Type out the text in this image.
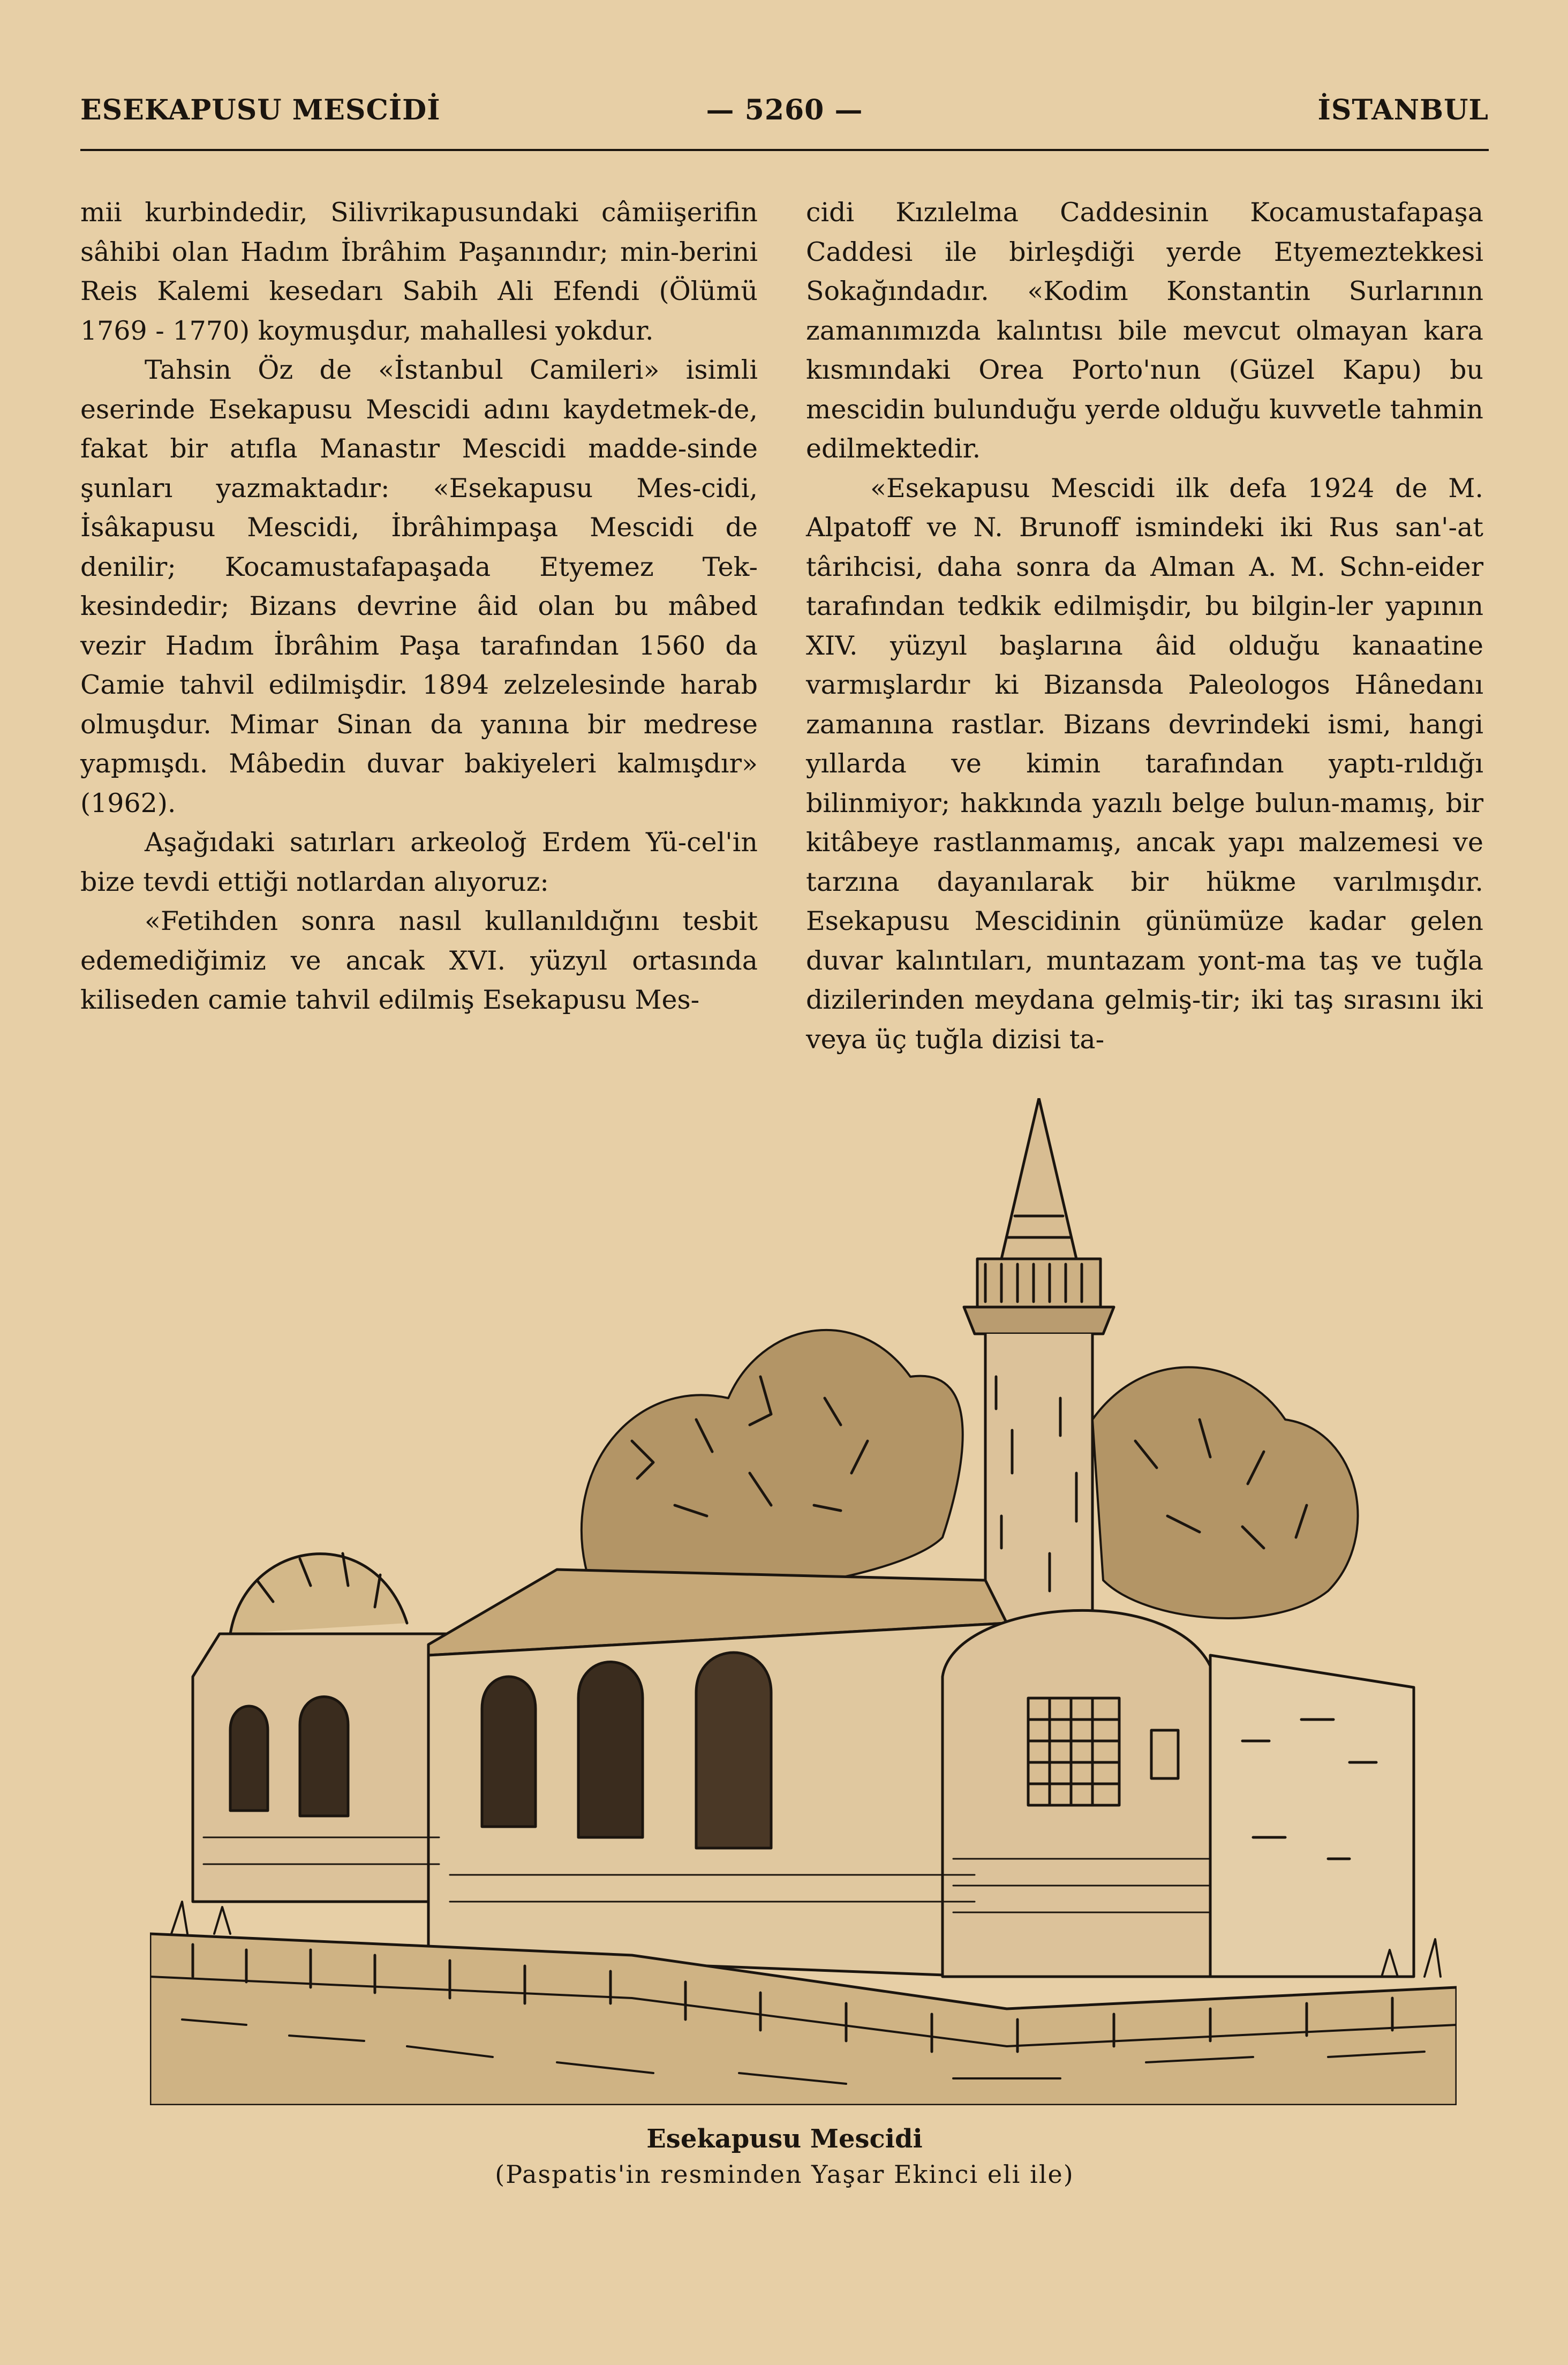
ESEKAPUSU MESCİDİ	— 5260 —	İSTANBUL

mii kurbindedir, Silivrikapusundaki câmiişerifin sâhibi olan Hadım İbrâhim Paşanındır; min-berini Reis Kalemi kesedarı Sabih Ali Efendi (Ölümü 1769 - 1770) koymuşdur, mahallesi yokdur.

Tahsin Öz de «İstanbul Camileri» isimli eserinde Esekapusu Mescidi adını kaydetmek-de, fakat bir atıfla Manastır Mescidi madde-sinde şunları yazmaktadır: «Esekapusu Mes-cidi, İsâkapusu Mescidi, İbrâhimpaşa Mescidi de denilir; Kocamustafapaşada Etyemez Tek-kesindedir; Bizans devrine âid olan bu mâbed vezir Hadım İbrâhim Paşa tarafından 1560 da Camie tahvil edilmişdir. 1894 zelzelesinde harab olmuşdur. Mimar Sinan da yanına bir medrese yapmışdı. Mâbedin duvar bakiyeleri kalmışdır» (1962).

Aşağıdaki satırları arkeoloğ Erdem Yü-cel'in bize tevdi ettiği notlardan alıyoruz:

«Fetihden sonra nasıl kullanıldığını tesbit edemediğimiz ve ancak XVI. yüzyıl ortasında kiliseden camie tahvil edilmiş Esekapusu Mes-

cidi Kızılelma Caddesinin Kocamustafapaşa Caddesi ile birleşdiği yerde Etyemeztekkesi Sokağındadır. «Kodim Konstantin Surlarının zamanımızda kalıntısı bile mevcut olmayan kara kısmındaki Orea Porto'nun (Güzel Kapu) bu mescidin bulunduğu yerde olduğu kuvvetle tahmin edilmektedir.

«Esekapusu Mescidi ilk defa 1924 de M. Alpatoff ve N. Brunoff ismindeki iki Rus san'-at târihcisi, daha sonra da Alman A. M. Schn-eider tarafından tedkik edilmişdir, bu bilgin-ler yapının XIV. yüzyıl başlarına âid olduğu kanaatine varmışlardır ki Bizansda Paleologos Hânedanı zamanına rastlar. Bizans devrindeki ismi, hangi yıllarda ve kimin tarafından yaptı-rıldığı bilinmiyor; hakkında yazılı belge bulun-mamış, bir kitâbeye rastlanmamış, ancak yapı malzemesi ve tarzına dayanılarak bir hükme varılmışdır. Esekapusu Mescidinin günümüze kadar gelen duvar kalıntıları, muntazam yont-ma taş ve tuğla dizilerinden meydana gelmiş-tir; iki taş sırasını iki veya üç tuğla dizisi ta-

Esekapusu Mescidi
(Paspatis'in resminden Yaşar Ekinci eli ile)
